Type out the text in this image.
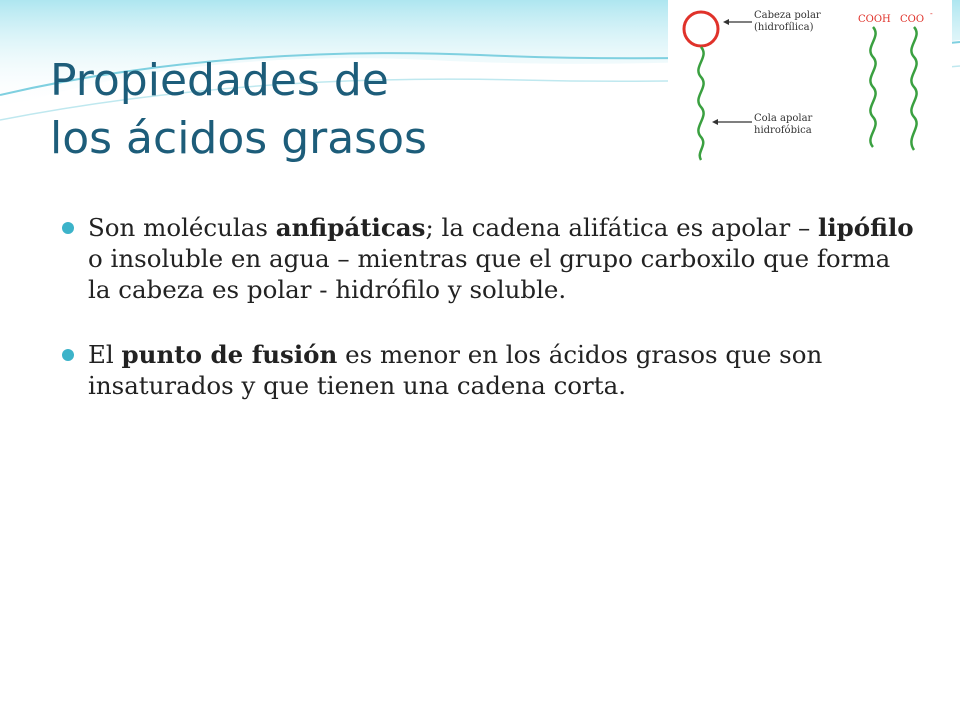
Propiedades de
los ácidos grasos
Cabeza polar
(hidrofílica)
Cola apolar
hidrofóbica
COOH COO
-

Son moléculas anfipáticas; la cadena alifática es apolar – lipófilo o insoluble en agua – mientras que el grupo carboxilo que forma la cabeza es polar - hidrófilo y soluble.

El punto de fusión es menor en los ácidos grasos que son insaturados y que tienen una cadena corta.
